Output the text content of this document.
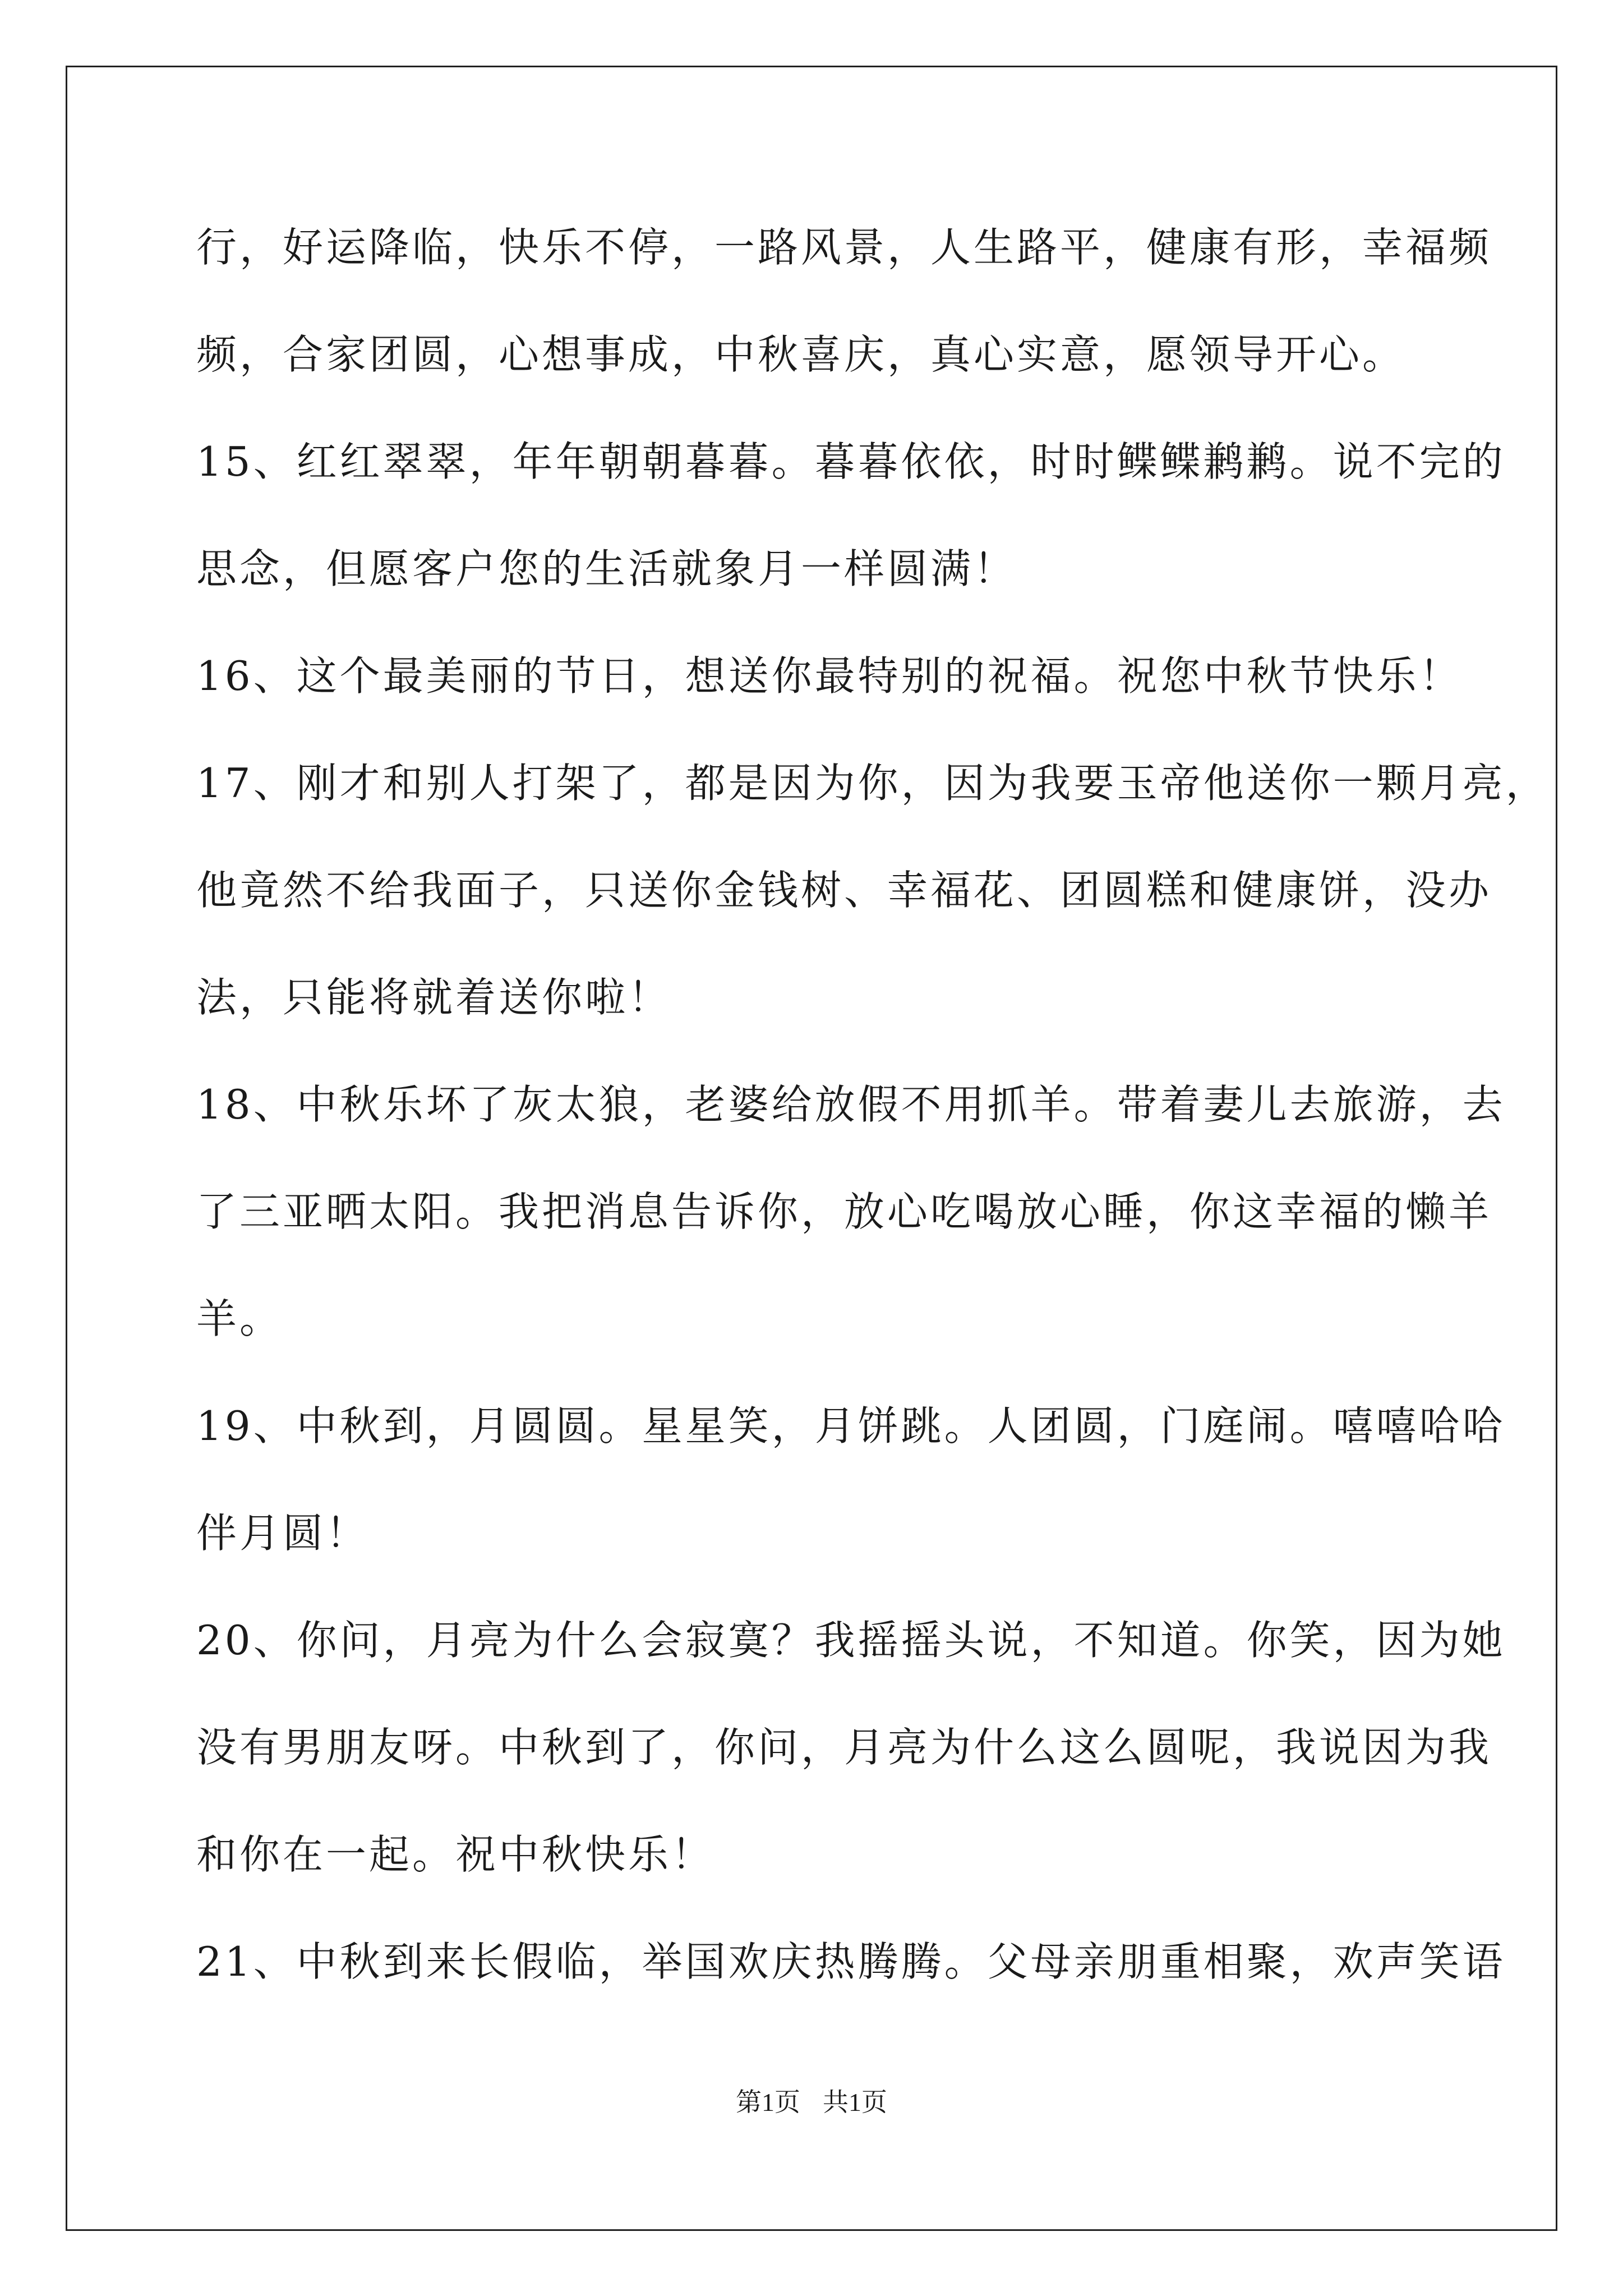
行，好运降临，快乐不停，一路风景，人生路平，健康有形，幸福频

频，合家团圆，心想事成，中秋喜庆，真心实意，愿领导开心。

15、红红翠翠，年年朝朝暮暮。暮暮依依，时时鲽鲽鹣鹣。说不完的

思念，但愿客户您的生活就象月一样圆满！

16、这个最美丽的节日，想送你最特别的祝福。祝您中秋节快乐！

17、刚才和别人打架了，都是因为你，因为我要玉帝他送你一颗月亮，

他竟然不给我面子，只送你金钱树、幸福花、团圆糕和健康饼，没办

法，只能将就着送你啦！

18、中秋乐坏了灰太狼，老婆给放假不用抓羊。带着妻儿去旅游，去

了三亚晒太阳。我把消息告诉你，放心吃喝放心睡，你这幸福的懒羊

羊。

19、中秋到，月圆圆。星星笑，月饼跳。人团圆，门庭闹。嘻嘻哈哈

伴月圆！

20、你问，月亮为什么会寂寞？我摇摇头说，不知道。你笑，因为她

没有男朋友呀。中秋到了，你问，月亮为什么这么圆呢，我说因为我

和你在一起。祝中秋快乐！

21、中秋到来长假临，举国欢庆热腾腾。父母亲朋重相聚，欢声笑语

第1页 共1页
